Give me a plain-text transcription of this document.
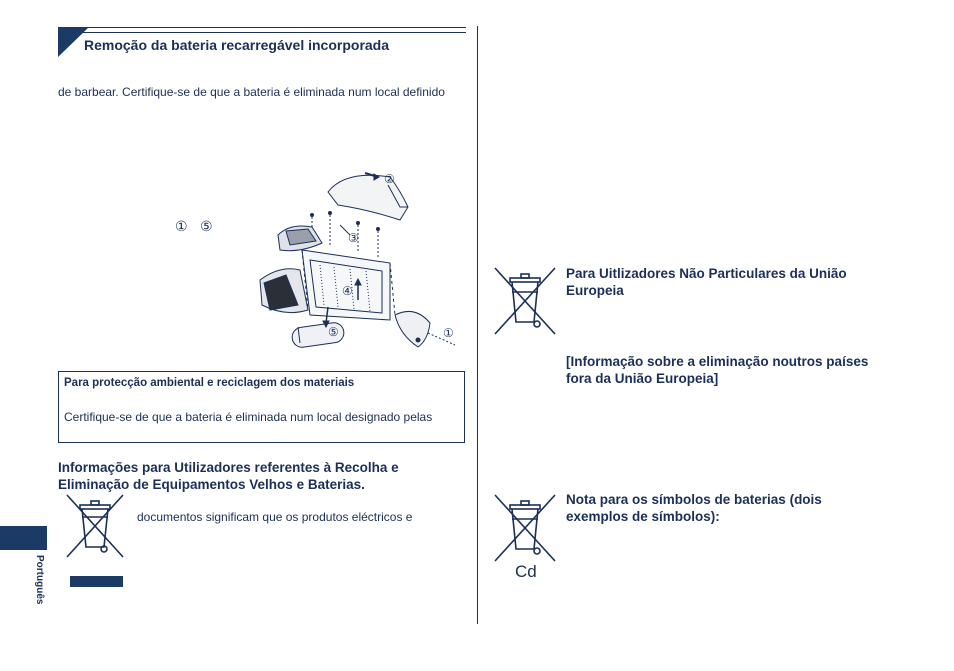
Remoção da bateria recarregável incorporada
de barbear. Certifique-se de que a bateria é eliminada num local definido
① ⑤
②
③
④
⑤	①
Para protecção ambiental e reciclagem dos materiais
Certifique-se de que a bateria é eliminada num local designado pelas
Informações para Utilizadores referentes à Recolha e Eliminação de Equipamentos Velhos e Baterias.
documentos significam que os produtos eléctricos e
Português
Para Uitlizadores Não Particulares da União Europeia
[Informação sobre a eliminação noutros países fora da União Europeia]
Cd
Nota para os símbolos de baterias (dois exemplos de símbolos):
